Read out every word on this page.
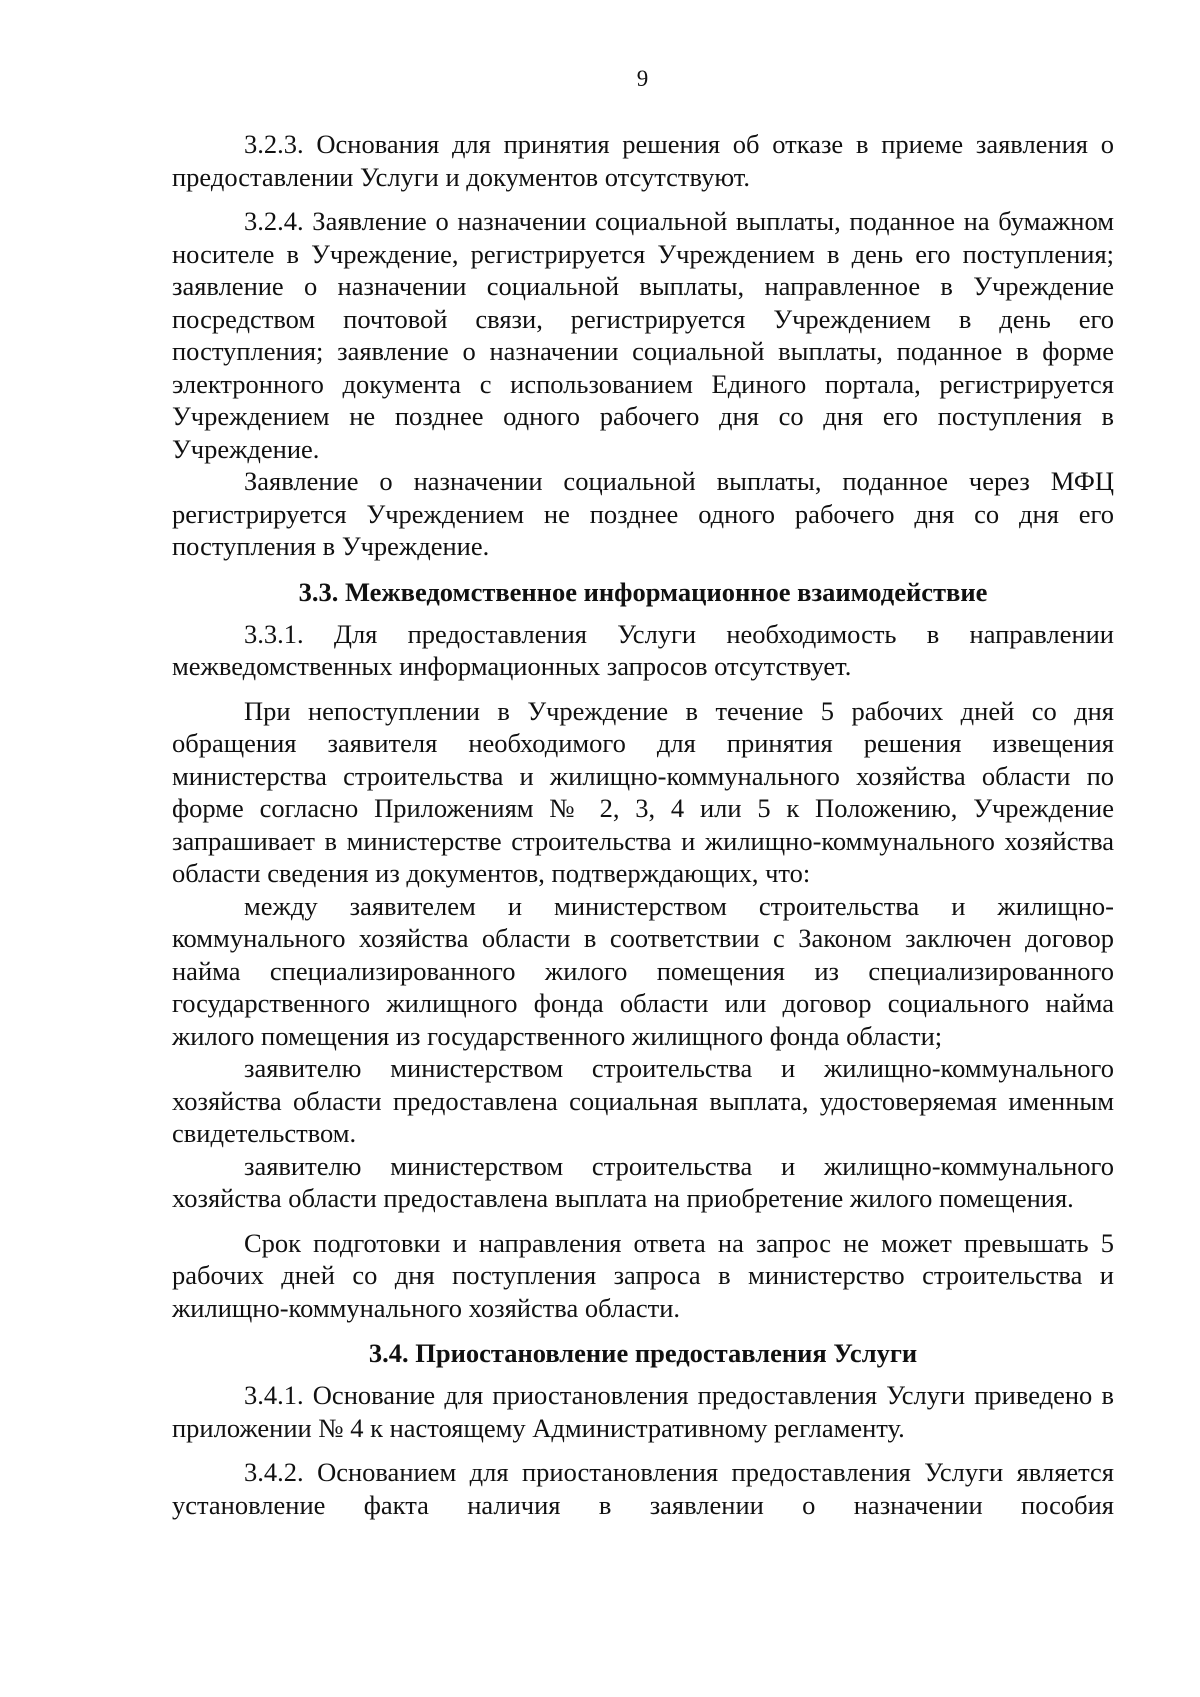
9

3.2.3. Основания для принятия решения об отказе в приеме заявления о предоставлении Услуги и документов отсутствуют.

3.2.4. Заявление о назначении социальной выплаты, поданное на бумажном носителе в Учреждение, регистрируется Учреждением в день его поступления; заявление о назначении социальной выплаты, направленное в Учреждение посредством почтовой связи, регистрируется Учреждением в день его поступления; заявление о назначении социальной выплаты, поданное в форме электронного документа с использованием Единого портала, регистрируется Учреждением не позднее одного рабочего дня со дня его поступления в Учреждение.

Заявление о назначении социальной выплаты, поданное через МФЦ регистрируется Учреждением не позднее одного рабочего дня со дня его поступления в Учреждение.

3.3. Межведомственное информационное взаимодействие

3.3.1. Для предоставления Услуги необходимость в направлении межведомственных информационных запросов отсутствует.

При непоступлении в Учреждение в течение 5 рабочих дней со дня обращения заявителя необходимого для принятия решения извещения министерства строительства и жилищно-коммунального хозяйства области по форме согласно Приложениям № 2, 3, 4 или 5 к Положению, Учреждение запрашивает в министерстве строительства и жилищно-коммунального хозяйства области сведения из документов, подтверждающих, что:

между заявителем и министерством строительства и жилищно-коммунального хозяйства области в соответствии с Законом заключен договор найма специализированного жилого помещения из специализированного государственного жилищного фонда области или договор социального найма жилого помещения из государственного жилищного фонда области;

заявителю министерством строительства и жилищно-коммунального хозяйства области предоставлена социальная выплата, удостоверяемая именным свидетельством.

заявителю министерством строительства и жилищно-коммунального хозяйства области предоставлена выплата на приобретение жилого помещения.

Срок подготовки и направления ответа на запрос не может превышать 5 рабочих дней со дня поступления запроса в министерство строительства и жилищно-коммунального хозяйства области.

3.4. Приостановление предоставления Услуги

3.4.1. Основание для приостановления предоставления Услуги приведено в приложении № 4 к настоящему Административному регламенту.

3.4.2. Основанием для приостановления предоставления Услуги является установление факта наличия в заявлении о назначении пособия
